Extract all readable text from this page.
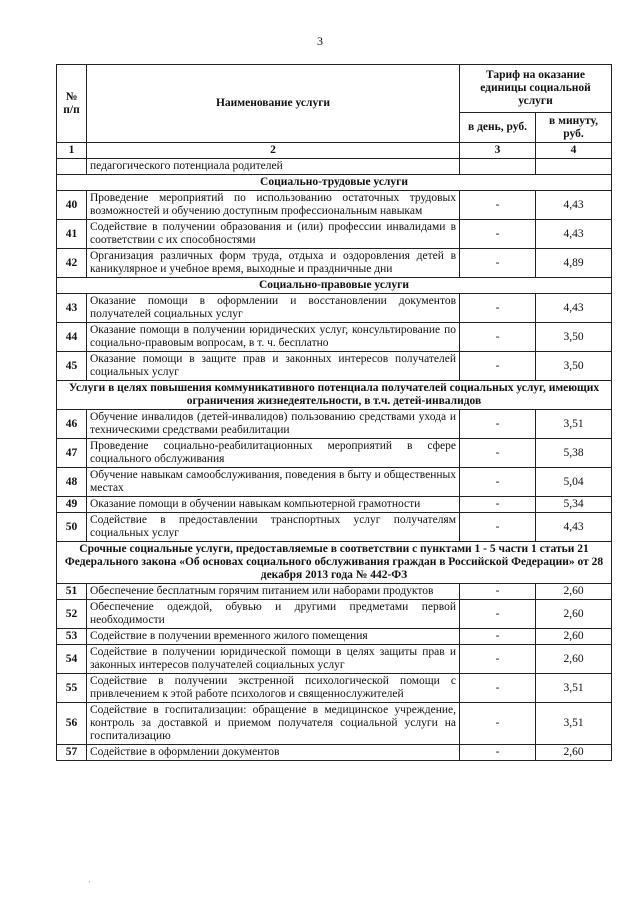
3
№ п/п	Наименование услуги	Тариф на оказание единицы социальной услуги	
		в день, руб.	в минуту, руб.
1	2	3	4
	педагогического потенциала родителей		
Социально-трудовые услуги			
40	Проведение мероприятий по использованию остаточных трудовых возможностей и обучению доступным профессиональным навыкам	-	4,43
41	Содействие в получении образования и (или) профессии инвалидами в соответствии с их способностями	-	4,43
42	Организация различных форм труда, отдыха и оздоровления детей в каникулярное и учебное время, выходные и праздничные дни	-	4,89
Социально-правовые услуги			
43	Оказание помощи в оформлении и восстановлении документов получателей социальных услуг	-	4,43
44	Оказание помощи в получении юридических услуг, консультирование по социально-правовым вопросам, в т. ч. бесплатно	-	3,50
45	Оказание помощи в защите прав и законных интересов получателей социальных услуг	-	3,50
Услуги в целях повышения коммуникативного потенциала получателей социальных услуг, имеющих ограничения жизнедеятельности, в т.ч. детей-инвалидов			
46	Обучение инвалидов (детей-инвалидов) пользованию средствами ухода и техническими средствами реабилитации	-	3,51
47	Проведение социально-реабилитационных мероприятий в сфере социального обслуживания	-	5,38
48	Обучение навыкам самообслуживания, поведения в быту и общественных местах	-	5,04
49	Оказание помощи в обучении навыкам компьютерной грамотности	-	5,34
50	Содействие в предоставлении транспортных услуг получателям социальных услуг	-	4,43
Срочные социальные услуги, предоставляемые в соответствии с пунктами 1 - 5 части 1 статьи 21 Федерального закона «Об основах социального обслуживания граждан в Российской Федерации» от 28 декабря 2013 года № 442-ФЗ			
51	Обеспечение бесплатным горячим питанием или наборами продуктов	-	2,60
52	Обеспечение одеждой, обувью и другими предметами первой необходимости	-	2,60
53	Содействие в получении временного жилого помещения	-	2,60
54	Содействие в получении юридической помощи в целях защиты прав и законных интересов получателей социальных услуг	-	2,60
55	Содействие в получении экстренной психологической помощи с привлечением к этой работе психологов и священнослужителей	-	3,51
56	Содействие в госпитализации: обращение в медицинское учреждение, контроль за доставкой и приемом получателя социальной услуги на госпитализацию	-	3,51
57	Содействие в оформлении документов	-	2,60
·
